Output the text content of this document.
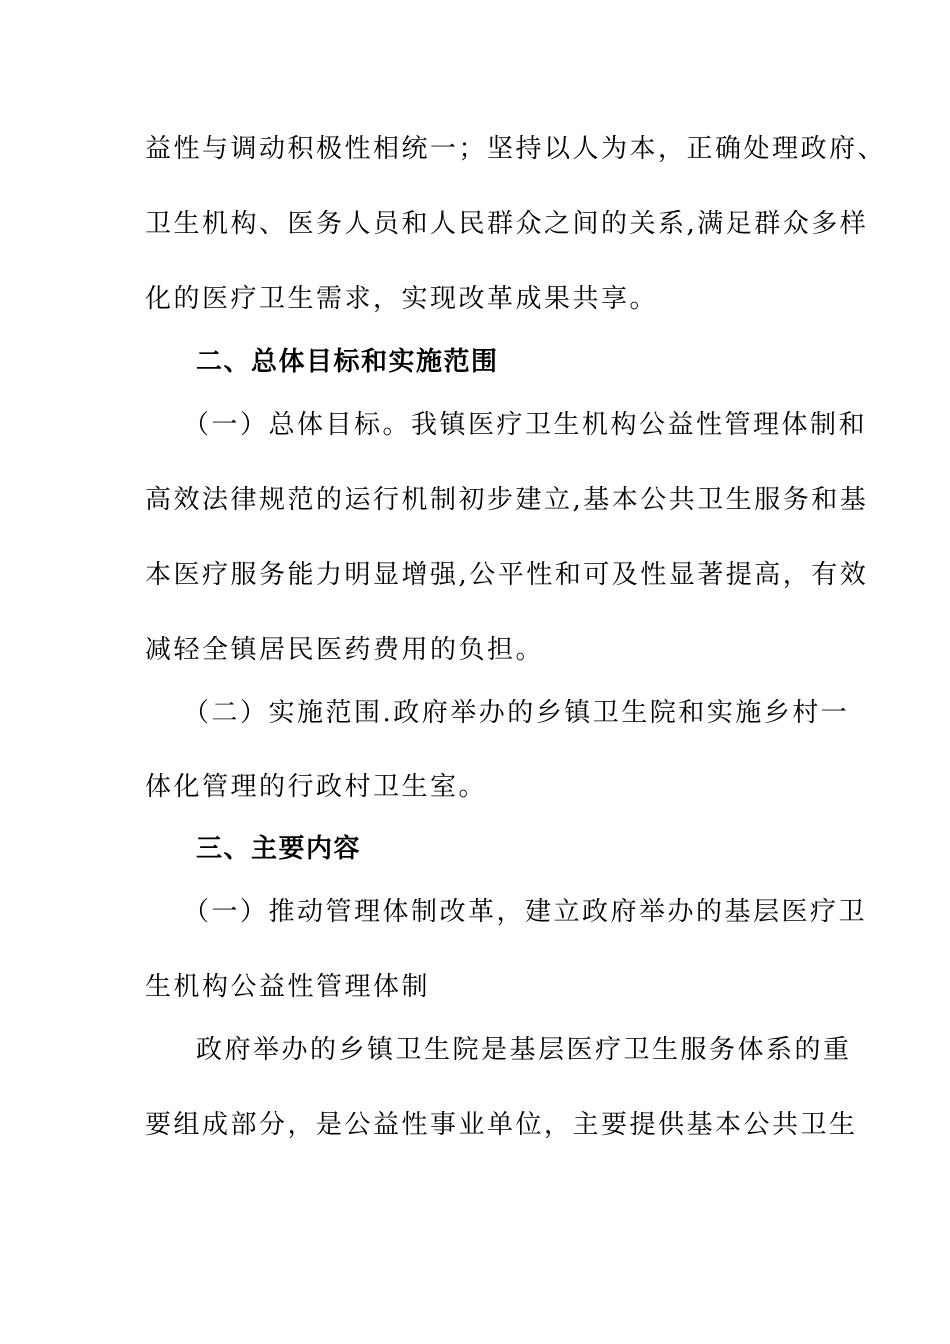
益性与调动积极性相统一；坚持以人为本，正确处理政府、
卫生机构、医务人员和人民群众之间的关系,满足群众多样
化的医疗卫生需求，实现改革成果共享。
二、总体目标和实施范围
（一）总体目标。我镇医疗卫生机构公益性管理体制和
高效法律规范的运行机制初步建立,基本公共卫生服务和基
本医疗服务能力明显增强,公平性和可及性显著提高，有效
减轻全镇居民医药费用的负担。
（二）实施范围.政府举办的乡镇卫生院和实施乡村一
体化管理的行政村卫生室。
三、主要内容
（一）推动管理体制改革，建立政府举办的基层医疗卫
生机构公益性管理体制
政府举办的乡镇卫生院是基层医疗卫生服务体系的重
要组成部分，是公益性事业单位，主要提供基本公共卫生
